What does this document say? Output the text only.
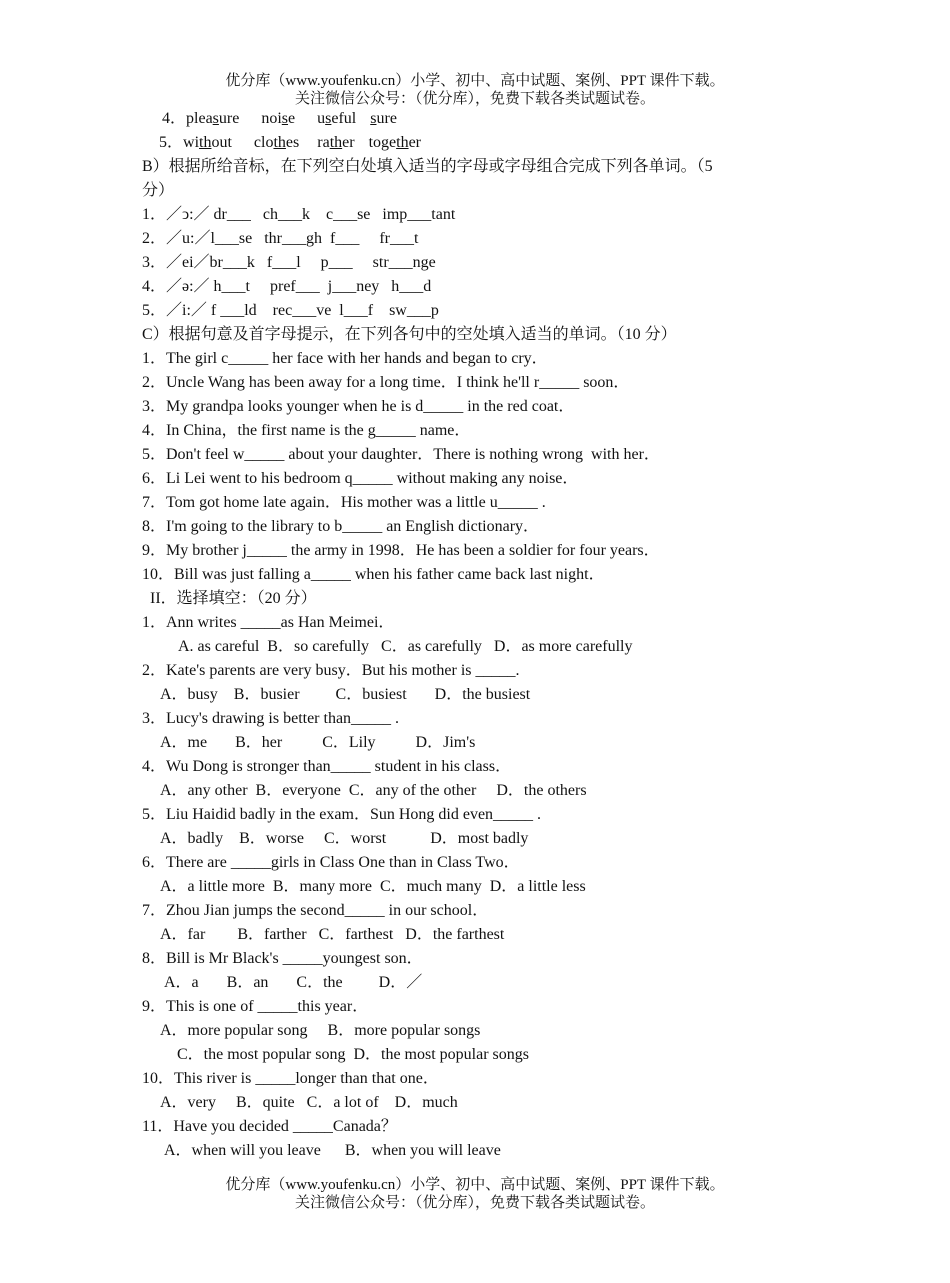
优分库（www.youfenku.cn）小学、初中、高中试题、案例、PPT 课件下载。
关注微信公众号：（优分库），免费下载各类试题试卷。
4．pleasure noise useful sure
5．without clothes rather together
B）根据所给音标，在下列空白处填入适当的字母或字母组合完成下列各单词。（5
分）
1．／ↄ:／ dr___   ch___k    c___se   imp___tant
2．／u:／l___se   thr___gh  f___     fr___t
3．／ei／br___k   f___l     p___     str___nge
4．／ə:／ h___t     pref___  j___ney   h___d
5．／i:／ f ___ld    rec___ve  l___f    sw___p
C）根据句意及首字母提示，在下列各句中的空处填入适当的单词。（10 分）
1．The girl c_____ her face with her hands and began to cry．
2．Uncle Wang has been away for a long time．I think he'll r_____ soon．
3．My grandpa looks younger when he is d_____ in the red coat．
4．In China，the first name is the g_____ name．
5．Don't feel w_____ about your daughter．There is nothing wrong  with her．
6．Li Lei went to his bedroom q_____ without making any noise．
7．Tom got home late again．His mother was a little u_____ .
8．I'm going to the library to b_____ an English dictionary．
9．My brother j_____ the army in 1998．He has been a soldier for four years．
10．Bill was just falling a_____ when his father came back last night．
II．选择填空：（20 分）
1．Ann writes _____as Han Meimei．
A. as careful  B．so carefully   C．as carefully   D．as more carefully
2．Kate's parents are very busy．But his mother is _____.
A．busy    B．busier         C．busiest       D．the busiest
3．Lucy's drawing is better than_____ .
A．me       B．her          C．Lily          D．Jim's
4．Wu Dong is stronger than_____ student in his class．
A．any other  B．everyone  C．any of the other     D．the others
5．Liu Haidid badly in the exam．Sun Hong did even_____ .
A．badly    B．worse     C．worst           D．most badly
6．There are _____girls in Class One than in Class Two．
A．a little more  B．many more  C．much many  D．a little less
7．Zhou Jian jumps the second_____ in our school．
A．far        B．farther   C．farthest   D．the farthest
8．Bill is Mr Black's _____youngest son．
A．a       B．an       C．the         D．／
9．This is one of _____this year．
A．more popular song     B．more popular songs
C．the most popular song  D．the most popular songs
10．This river is _____longer than that one．
A．very     B．quite   C．a lot of    D．much
11．Have you decided _____Canada？
A．when will you leave      B．when you will leave
优分库（www.youfenku.cn）小学、初中、高中试题、案例、PPT 课件下载。
关注微信公众号：（优分库），免费下载各类试题试卷。
